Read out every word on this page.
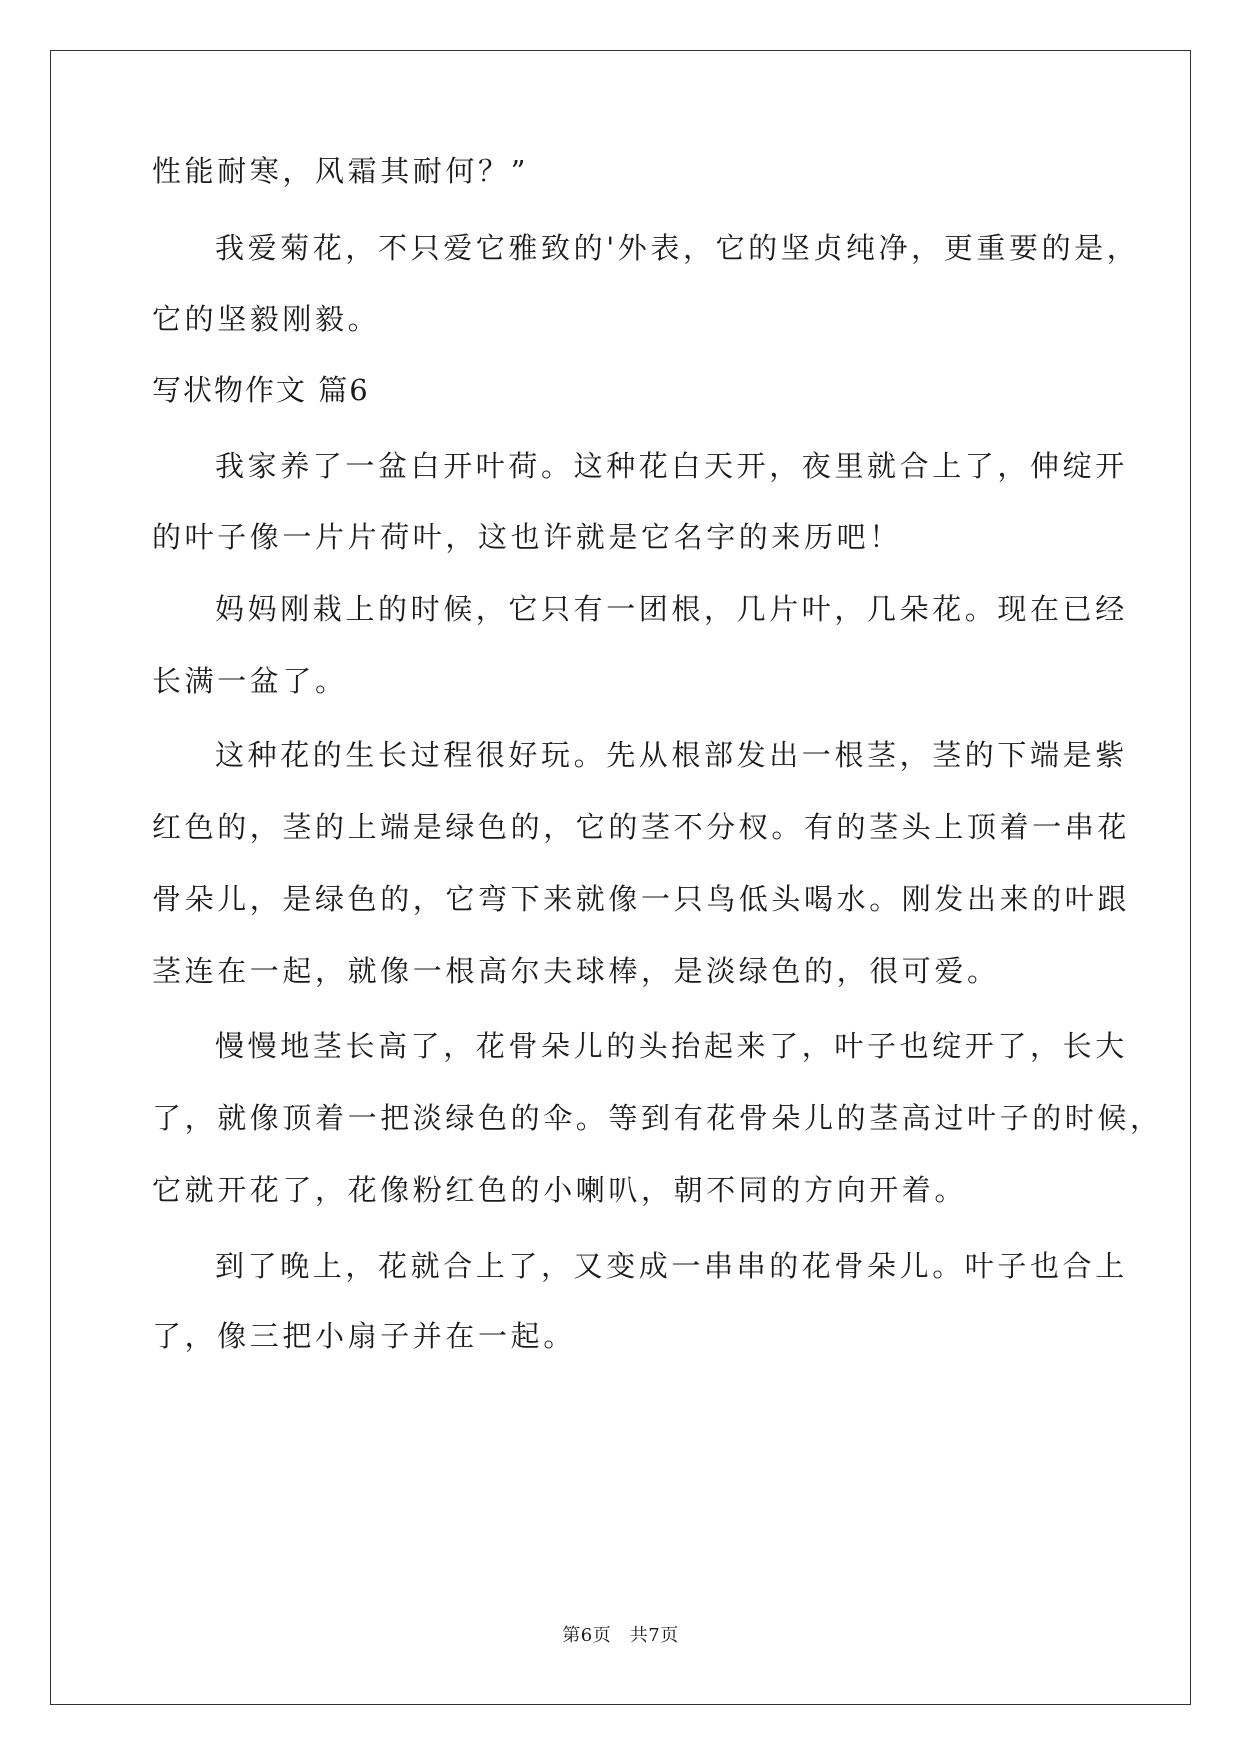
性能耐寒，风霜其耐何？”
我爱菊花，不只爱它雅致的'外表，它的坚贞纯净，更重要的是，
它的坚毅刚毅。
写状物作文 篇6
我家养了一盆白开叶荷。这种花白天开，夜里就合上了，伸绽开
的叶子像一片片荷叶，这也许就是它名字的来历吧！
妈妈刚栽上的时候，它只有一团根，几片叶，几朵花。现在已经
长满一盆了。
这种花的生长过程很好玩。先从根部发出一根茎，茎的下端是紫
红色的，茎的上端是绿色的，它的茎不分杈。有的茎头上顶着一串花
骨朵儿，是绿色的，它弯下来就像一只鸟低头喝水。刚发出来的叶跟
茎连在一起，就像一根高尔夫球棒，是淡绿色的，很可爱。
慢慢地茎长高了，花骨朵儿的头抬起来了，叶子也绽开了，长大
了，就像顶着一把淡绿色的伞。等到有花骨朵儿的茎高过叶子的时候，
它就开花了，花像粉红色的小喇叭，朝不同的方向开着。
到了晚上，花就合上了，又变成一串串的花骨朵儿。叶子也合上
了，像三把小扇子并在一起。
第6页　共7页
